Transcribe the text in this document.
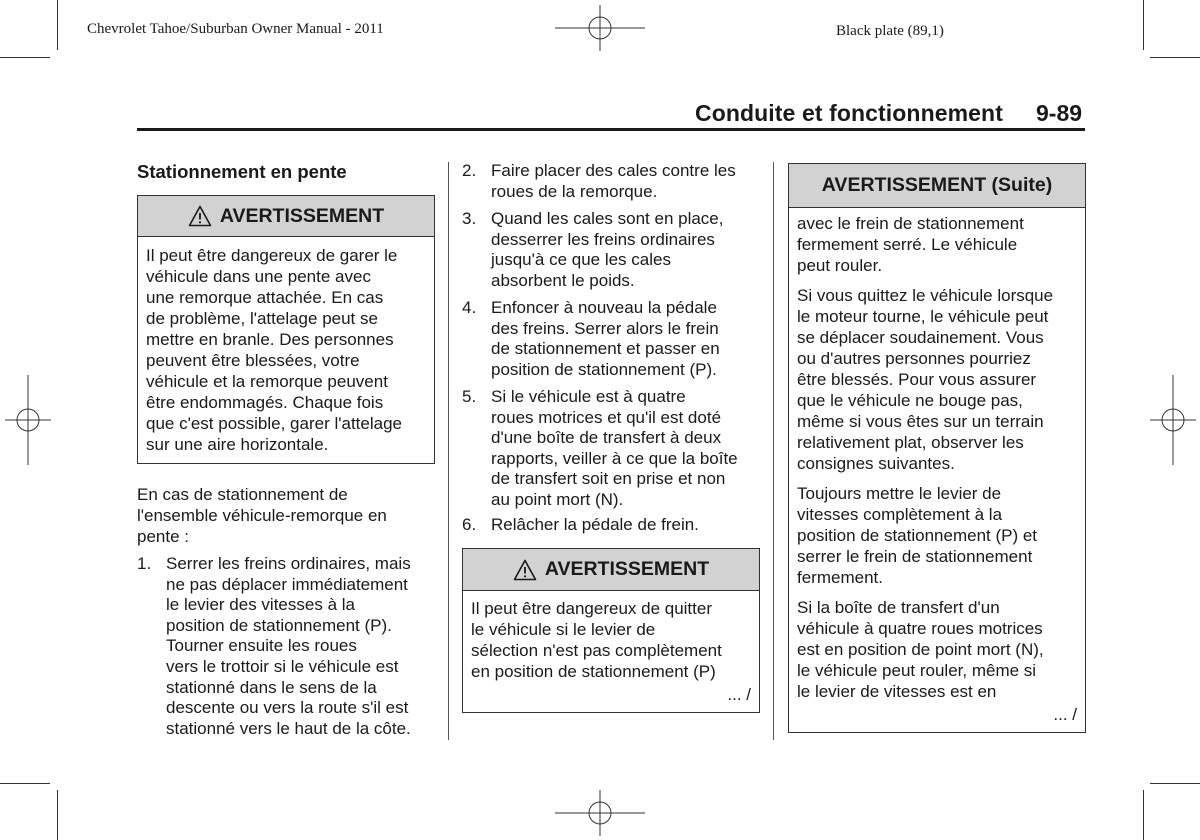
Chevrolet Tahoe/Suburban Owner Manual - 2011	Black plate (89,1)
Conduite et fonctionnement 9-89
Stationnement en pente
AVERTISSEMENT
Il peut être dangereux de garer le
véhicule dans une pente avec
une remorque attachée. En cas
de problème, l'attelage peut se
mettre en branle. Des personnes
peuvent être blessées, votre
véhicule et la remorque peuvent
être endommagés. Chaque fois
que c'est possible, garer l'attelage
sur une aire horizontale.
En cas de stationnement de
l'ensemble véhicule-remorque en
pente :
1. Serrer les freins ordinaires, mais
ne pas déplacer immédiatement
le levier des vitesses à la
position de stationnement (P).
Tourner ensuite les roues
vers le trottoir si le véhicule est
stationné dans le sens de la
descente ou vers la route s'il est
stationné vers le haut de la côte.
2. Faire placer des cales contre les
roues de la remorque.
3. Quand les cales sont en place,
desserrer les freins ordinaires
jusqu'à ce que les cales
absorbent le poids.
4. Enfoncer à nouveau la pédale
des freins. Serrer alors le frein
de stationnement et passer en
position de stationnement (P).
5. Si le véhicule est à quatre
roues motrices et qu'il est doté
d'une boîte de transfert à deux
rapports, veiller à ce que la boîte
de transfert soit en prise et non
au point mort (N).
6. Relâcher la pédale de frein.
AVERTISSEMENT
Il peut être dangereux de quitter
le véhicule si le levier de
sélection n'est pas complètement
en position de stationnement (P)
... /
AVERTISSEMENT (Suite)

avec le frein de stationnement
fermement serré. Le véhicule
peut rouler.

Si vous quittez le véhicule lorsque
le moteur tourne, le véhicule peut
se déplacer soudainement. Vous
ou d'autres personnes pourriez
être blessés. Pour vous assurer
que le véhicule ne bouge pas,
même si vous êtes sur un terrain
relativement plat, observer les
consignes suivantes.

Toujours mettre le levier de
vitesses complètement à la
position de stationnement (P) et
serrer le frein de stationnement
fermement.

Si la boîte de transfert d'un
véhicule à quatre roues motrices
est en position de point mort (N),
le véhicule peut rouler, même si
le levier de vitesses est en

... /
